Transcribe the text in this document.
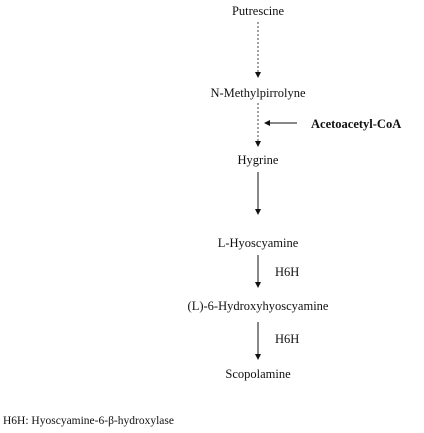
Putrescine
N-Methylpirrolyne
Acetoacetyl-CoA
Hygrine
L-Hyoscyamine
H6H
(L)-6-Hydroxyhyoscyamine
H6H
Scopolamine
H6H: Hyoscyamine-6-β-hydroxylase
